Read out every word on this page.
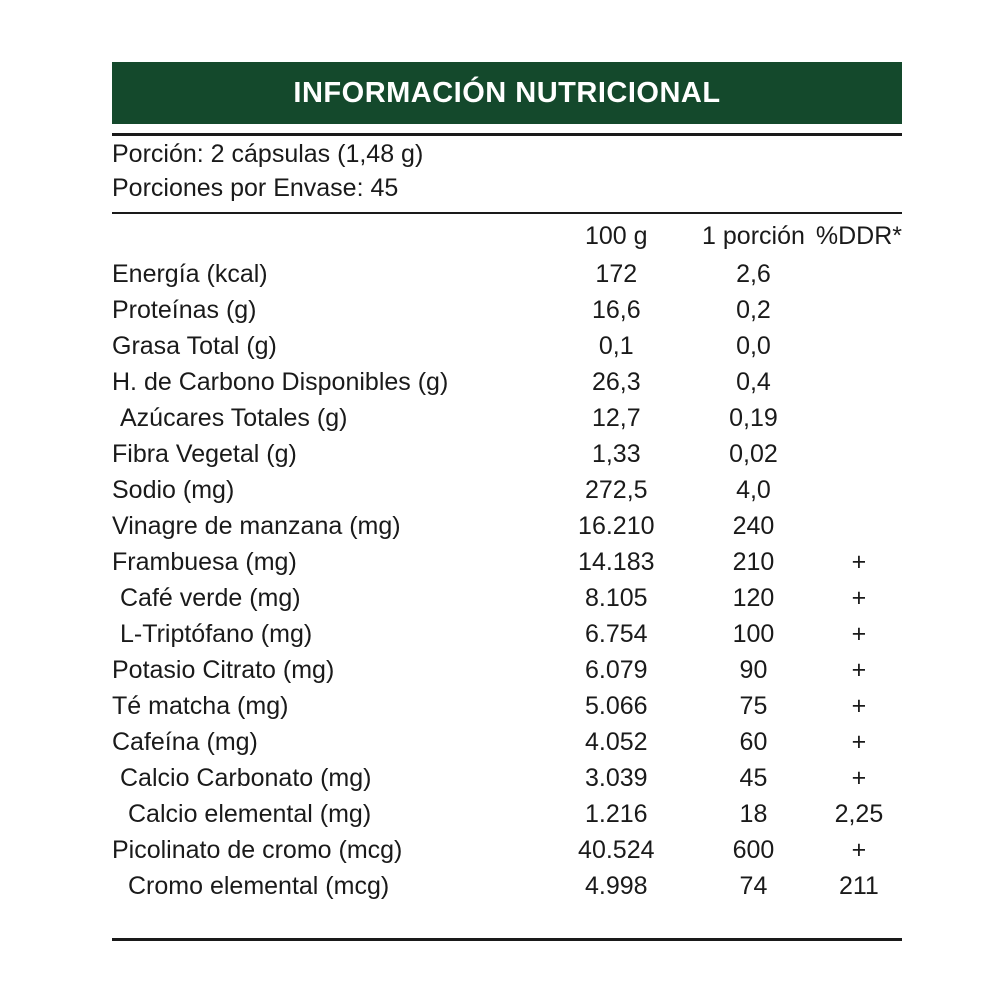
INFORMACIÓN NUTRICIONAL
Porción: 2 cápsulas (1,48 g)
Porciones por Envase: 45
	100 g	1 porción	%DDR*
Energía (kcal)	172	2,6	
Proteínas (g)	16,6	0,2	
Grasa Total (g)	0,1	0,0	
H. de Carbono Disponibles (g)	26,3	0,4	
Azúcares Totales (g)	12,7	0,19	
Fibra Vegetal (g)	1,33	0,02	
Sodio (mg)	272,5	4,0	
Vinagre de manzana (mg)	16.210	240	
Frambuesa (mg)	14.183	210	+
Café verde (mg)	8.105	120	+
L-Triptófano (mg)	6.754	100	+
Potasio Citrato (mg)	6.079	90	+
Té matcha (mg)	5.066	75	+
Cafeína (mg)	4.052	60	+
Calcio Carbonato (mg)	3.039	45	+
Calcio elemental (mg)	1.216	18	2,25
Picolinato de cromo (mcg)	40.524	600	+
Cromo elemental (mcg)	4.998	74	211
